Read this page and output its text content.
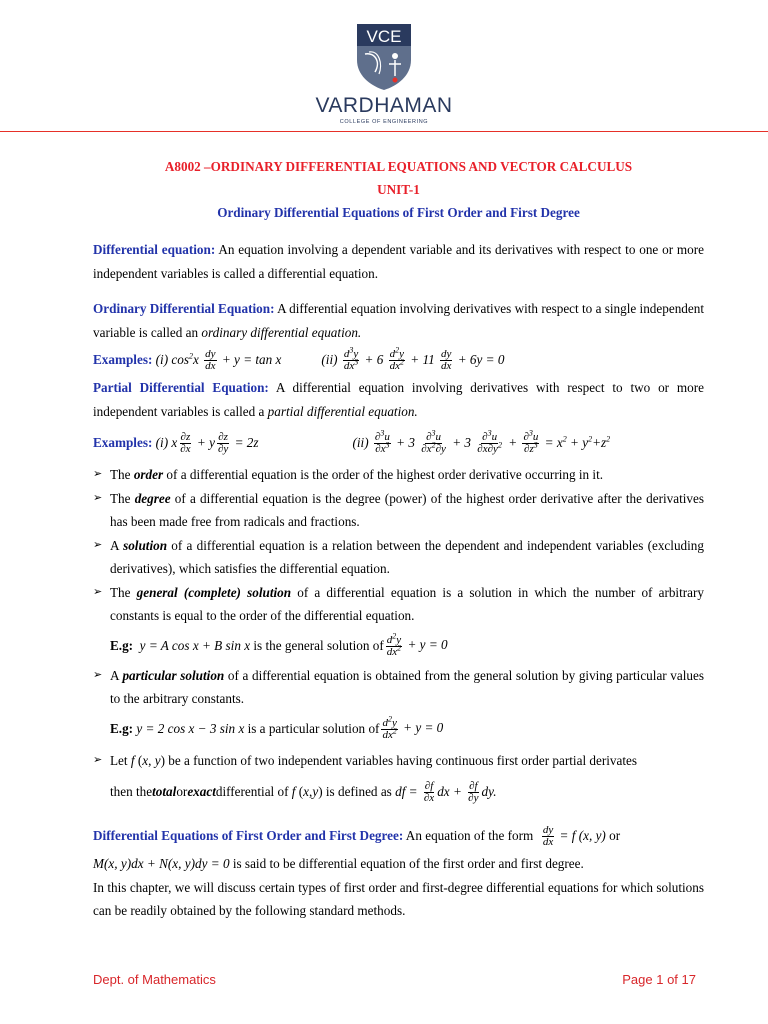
VCE
VARDHAMAN
COLLEGE OF ENGINEERING
A8002 –ORDINARY DIFFERENTIAL EQUATIONS AND VECTOR CALCULUS
UNIT-1
Ordinary Differential Equations of First Order and First Degree

Differential equation: An equation involving a dependent variable and its derivatives with respect to one or more independent variables is called a differential equation.

Ordinary Differential Equation: A differential equation involving derivatives with respect to a single independent variable is called an ordinary differential equation.

Examples:
(i)
$\cos^2x \frac{dy}{dx} + y = \tan x$	(ii)
$\frac{d^3y}{dx^3} + 6 \frac{d^2y}{dx^2} + 11 \frac{dy}{dx} + 6y = 0$

Partial Differential Equation: A differential equation involving derivatives with respect to two or more independent variables is called a partial differential equation.

Examples:
(i)
x $\frac{\partial z}{\partial x} + y \frac{\partial z}{\partial y} = 2z$	(ii)
$\frac{\partial^3u}{\partial x^3} + 3 \frac{\partial^3u}{\partial x^2\partial y} + 3 \frac{\partial^3u}{\partial x\partial y^2} + \frac{\partial^3u}{\partial z^3} = x^2 + y^2+z^2$
➢ The order of a differential equation is the order of the highest order derivative occurring in it.
➢ The degree of a differential equation is the degree (power) of the highest order derivative after the derivatives has been made free from radicals and fractions.
➢ A solution of a differential equation is a relation between the dependent and independent variables (excluding derivatives), which satisfies the differential equation.
➢ The general (complete) solution of a differential equation is a solution in which the number of arbitrary constants is equal to the order of the differential equation.
E.g:
y = A cos x + B sin x
is the general solution of $\frac{d^2y}{dx^2} + y = 0$
➢ A particular solution of a differential equation is obtained from the general solution by giving particular values to the arbitrary constants.
E.g:
y = 2 cos x − 3 sin x
is a particular solution of $\frac{d^2y}{dx^2} + y = 0$
➢ Let f (x, y) be a function of two independent variables having continuous first order partial derivates
then the total or exact differential of
f ( x , y ) is defined as
df = $\frac{\partial f}{\partial x}$ dx + $\frac{\partial f}{\partial y}$ dy.

Differential Equations of First Order and First Degree: An equation of the form
$\frac{dy}{dx} = f$ (x, y) or

M(x, y)dx + N(x, y)dy = 0 is said to be differential equation of the first order and first degree.

In this chapter, we will discuss certain types of first order and first-degree differential equations for which solutions can be readily obtained by the following standard methods.

Dept. of Mathematics	Page 1 of 17
